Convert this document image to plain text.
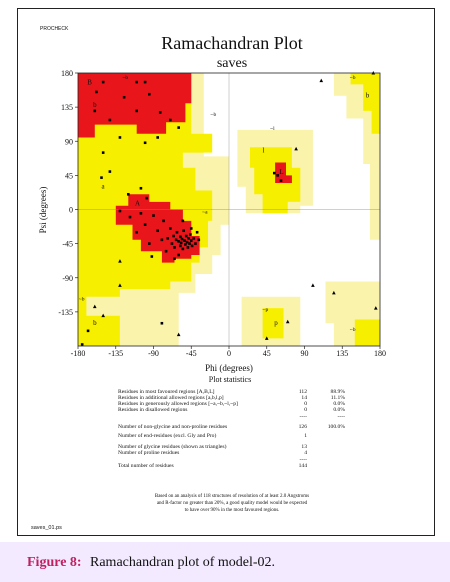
PROCHECK
saves_01.ps
Ramachandran Plot
saves
B
b
~b
~b
a
A
~a
~l
l
L
~b
b
~b
b
~p
p
~b
-180	-135	-90	-45	0	45	90	135	180
-135
-90
-45
0
45
90
135
180
Phi (degrees)
Psi (degrees)
Plot statistics
Residues in most favoured regions [A,B,L]	112	88.9%
Residues in additional allowed regions [a,b,l,p]	14	11.1%
Residues in generously allowed regions [~a,~b,~l,~p]	0	0.0%
Residues in disallowed regions	0	0.0%
Number of non-glycine and non-proline residues	126	100.0%
Number of end-residues (excl. Gly and Pro)	1
Number of glycine residues (shown as triangles)	13
Number of proline residues	4
Total number of residues	144
----	----
----
Based on an analysis of 118 structures of resolution of at least 2.0 Angstroms
and R-factor no greater than 20%, a good quality model would be expected
to have over 90% in the most favoured regions.
Figure 8: Ramachandran plot of model-02.
